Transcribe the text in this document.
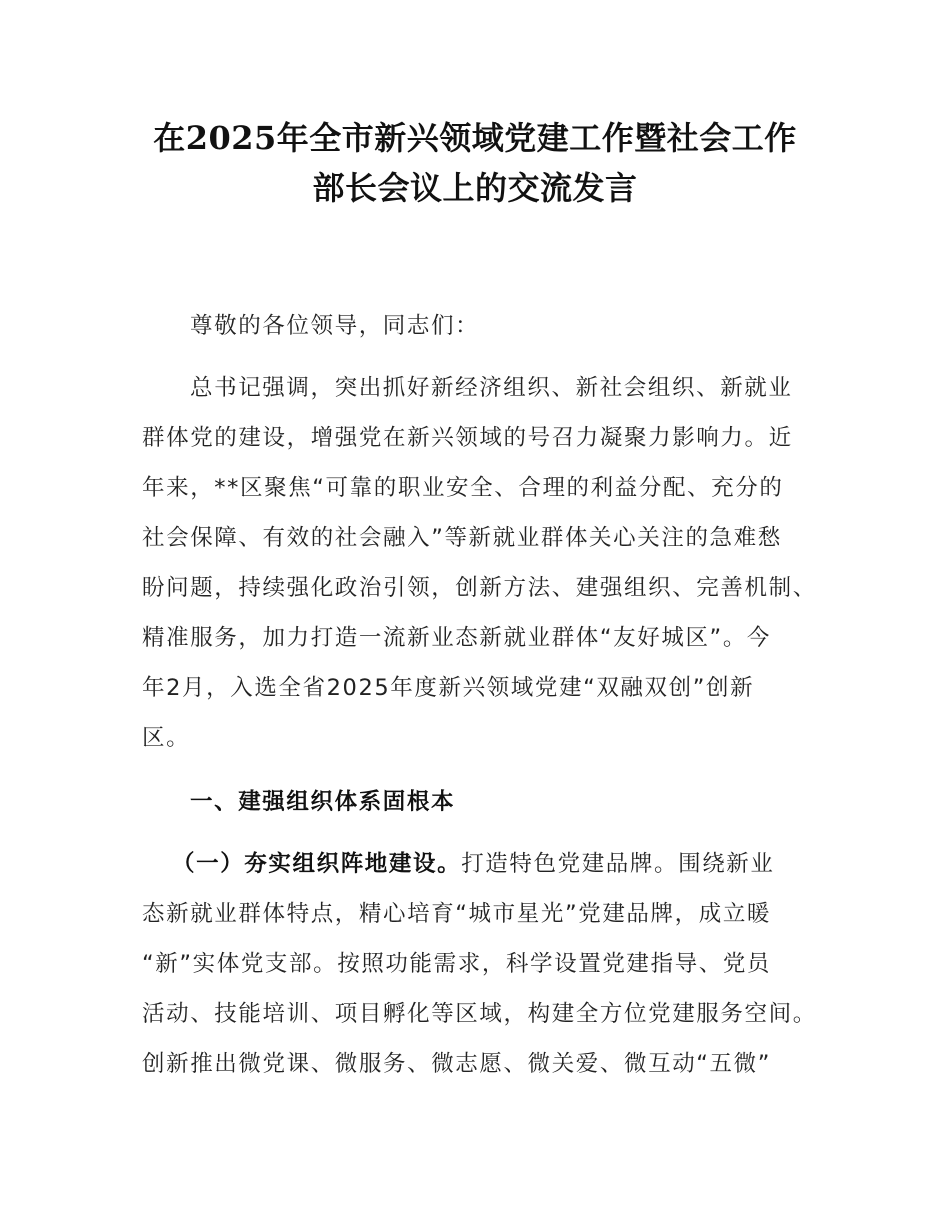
在2025年全市新兴领域党建工作暨社会工作
部长会议上的交流发言
尊敬的各位领导，同志们：
总书记强调，突出抓好新经济组织、新社会组织、新就业
群体党的建设，增强党在新兴领域的号召力凝聚力影响力。近
年来，**区聚焦“可靠的职业安全、合理的利益分配、充分的
社会保障、有效的社会融入”等新就业群体关心关注的急难愁
盼问题，持续强化政治引领，创新方法、建强组织、完善机制、
精准服务，加力打造一流新业态新就业群体“友好城区”。今
年2月，入选全省2025年度新兴领域党建“双融双创”创新
区。
一、建强组织体系固根本
（一）夯实组织阵地建设。打造特色党建品牌。围绕新业
态新就业群体特点，精心培育“城市星光”党建品牌，成立暖
“新”实体党支部。按照功能需求，科学设置党建指导、党员
活动、技能培训、项目孵化等区域，构建全方位党建服务空间。
创新推出微党课、微服务、微志愿、微关爱、微互动“五微”
